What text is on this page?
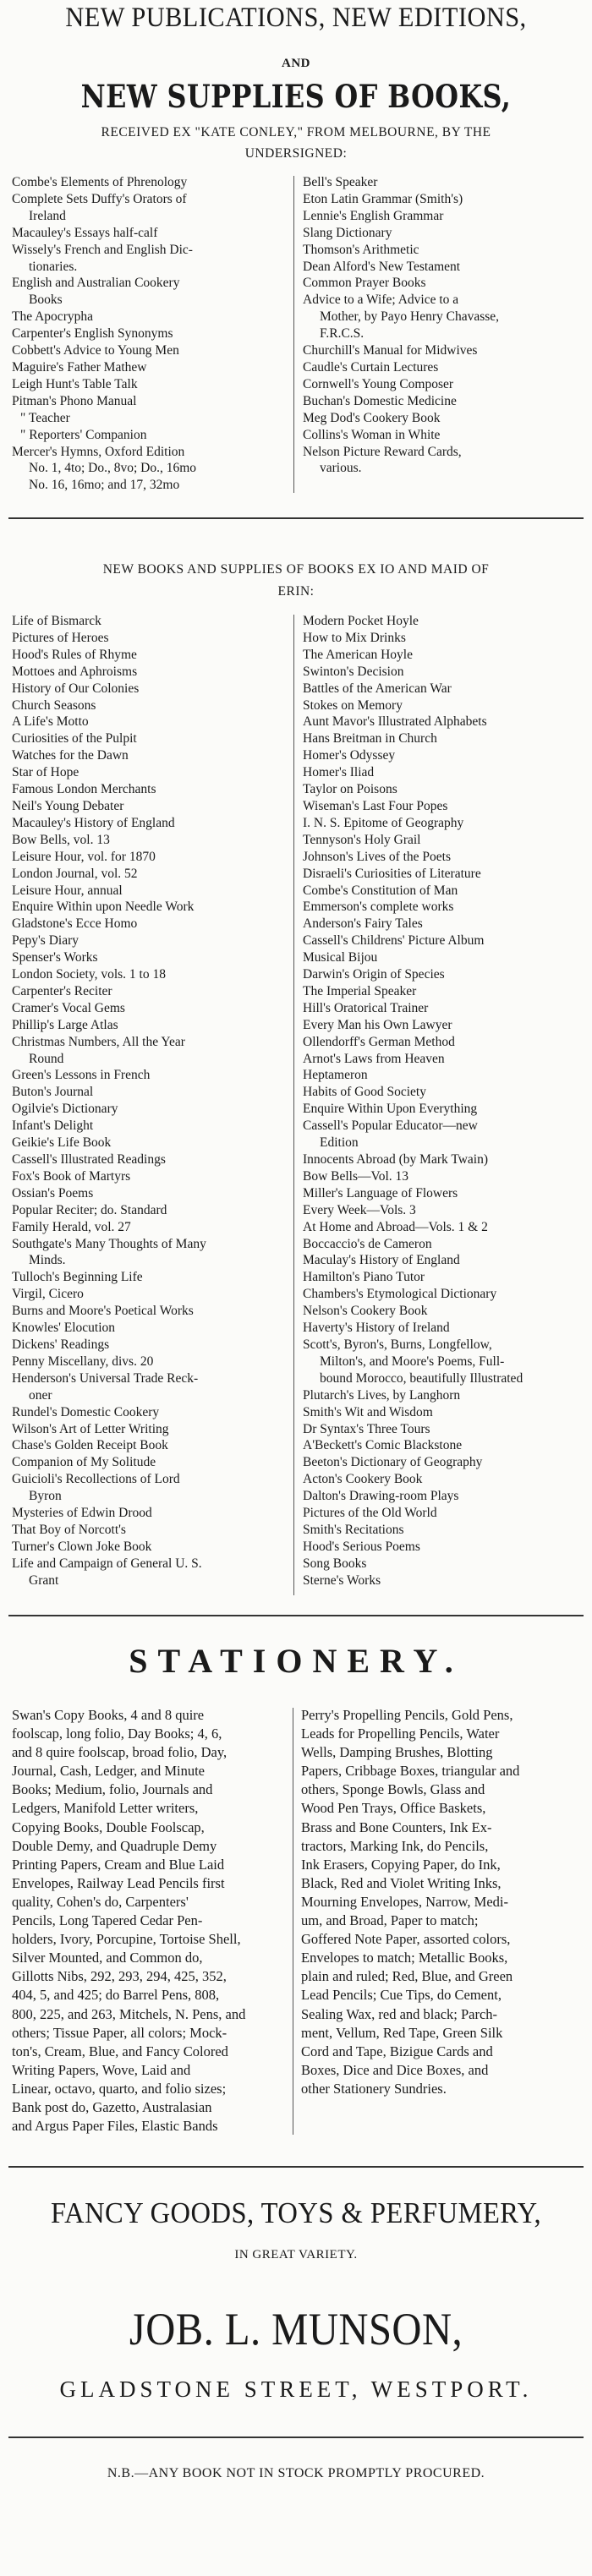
NEW PUBLICATIONS, NEW EDITIONS,
AND
NEW SUPPLIES OF BOOKS,
RECEIVED EX "KATE CONLEY," FROM MELBOURNE, BY THE
UNDERSIGNED:
Combe's Elements of Phrenology
Complete Sets Duffy's Orators of
Ireland
Macauley's Essays half-calf
Wissely's French and English Dic-
tionaries.
English and Australian Cookery
Books
The Apocrypha
Carpenter's English Synonyms
Cobbett's Advice to Young Men
Maguire's Father Mathew
Leigh Hunt's Table Talk
Pitman's Phono Manual
" Teacher
" Reporters' Companion
Mercer's Hymns, Oxford Edition
No. 1, 4to; Do., 8vo; Do., 16mo
No. 16, 16mo; and 17, 32mo
Bell's Speaker
Eton Latin Grammar (Smith's)
Lennie's English Grammar
Slang Dictionary
Thomson's Arithmetic
Dean Alford's New Testament
Common Prayer Books
Advice to a Wife; Advice to a
Mother, by Payo Henry Chavasse,
F.R.C.S.
Churchill's Manual for Midwives
Caudle's Curtain Lectures
Cornwell's Young Composer
Buchan's Domestic Medicine
Meg Dod's Cookery Book
Collins's Woman in White
Nelson Picture Reward Cards,
various.
NEW BOOKS AND SUPPLIES OF BOOKS EX IO AND MAID OF
ERIN:
Life of Bismarck
Pictures of Heroes
Hood's Rules of Rhyme
Mottoes and Aphroisms
History of Our Colonies
Church Seasons
A Life's Motto
Curiosities of the Pulpit
Watches for the Dawn
Star of Hope
Famous London Merchants
Neil's Young Debater
Macauley's History of England
Bow Bells, vol. 13
Leisure Hour, vol. for 1870
London Journal, vol. 52
Leisure Hour, annual
Enquire Within upon Needle Work
Gladstone's Ecce Homo
Pepy's Diary
Spenser's Works
London Society, vols. 1 to 18
Carpenter's Reciter
Cramer's Vocal Gems
Phillip's Large Atlas
Christmas Numbers, All the Year
Round
Green's Lessons in French
Buton's Journal
Ogilvie's Dictionary
Infant's Delight
Geikie's Life Book
Cassell's Illustrated Readings
Fox's Book of Martyrs
Ossian's Poems
Popular Reciter; do. Standard
Family Herald, vol. 27
Southgate's Many Thoughts of Many
Minds.
Tulloch's Beginning Life
Virgil, Cicero
Burns and Moore's Poetical Works
Knowles' Elocution
Dickens' Readings
Penny Miscellany, divs. 20
Henderson's Universal Trade Reck-
oner
Rundel's Domestic Cookery
Wilson's Art of Letter Writing
Chase's Golden Receipt Book
Companion of My Solitude
Guicioli's Recollections of Lord
Byron
Mysteries of Edwin Drood
That Boy of Norcott's
Turner's Clown Joke Book
Life and Campaign of General U. S.
Grant
Modern Pocket Hoyle
How to Mix Drinks
The American Hoyle
Swinton's Decision
Battles of the American War
Stokes on Memory
Aunt Mavor's Illustrated Alphabets
Hans Breitman in Church
Homer's Odyssey
Homer's Iliad
Taylor on Poisons
Wiseman's Last Four Popes
I. N. S. Epitome of Geography
Tennyson's Holy Grail
Johnson's Lives of the Poets
Disraeli's Curiosities of Literature
Combe's Constitution of Man
Emmerson's complete works
Anderson's Fairy Tales
Cassell's Childrens' Picture Album
Musical Bijou
Darwin's Origin of Species
The Imperial Speaker
Hill's Oratorical Trainer
Every Man his Own Lawyer
Ollendorff's German Method
Arnot's Laws from Heaven
Heptameron
Habits of Good Society
Enquire Within Upon Everything
Cassell's Popular Educator—new
Edition
Innocents Abroad (by Mark Twain)
Bow Bells—Vol. 13
Miller's Language of Flowers
Every Week—Vols. 3
At Home and Abroad—Vols. 1 & 2
Boccaccio's de Cameron
Maculay's History of England
Hamilton's Piano Tutor
Chambers's Etymological Dictionary
Nelson's Cookery Book
Haverty's History of Ireland
Scott's, Byron's, Burns, Longfellow,
Milton's, and Moore's Poems, Full-
bound Morocco, beautifully Illustrated
Plutarch's Lives, by Langhorn
Smith's Wit and Wisdom
Dr Syntax's Three Tours
A'Beckett's Comic Blackstone
Beeton's Dictionary of Geography
Acton's Cookery Book
Dalton's Drawing-room Plays
Pictures of the Old World
Smith's Recitations
Hood's Serious Poems
Song Books
Sterne's Works
STATIONERY.
Swan's Copy Books, 4 and 8 quire
foolscap, long folio, Day Books; 4, 6,
and 8 quire foolscap, broad folio, Day,
Journal, Cash, Ledger, and Minute
Books; Medium, folio, Journals and
Ledgers, Manifold Letter writers,
Copying Books, Double Foolscap,
Double Demy, and Quadruple Demy
Printing Papers, Cream and Blue Laid
Envelopes, Railway Lead Pencils first
quality, Cohen's do, Carpenters'
Pencils, Long Tapered Cedar Pen-
holders, Ivory, Porcupine, Tortoise Shell,
Silver Mounted, and Common do,
Gillotts Nibs, 292, 293, 294, 425, 352,
404, 5, and 425; do Barrel Pens, 808,
800, 225, and 263, Mitchels, N. Pens, and
others; Tissue Paper, all colors; Mock-
ton's, Cream, Blue, and Fancy Colored
Writing Papers, Wove, Laid and
Linear, octavo, quarto, and folio sizes;
Bank post do, Gazetto, Australasian
and Argus Paper Files, Elastic Bands
Perry's Propelling Pencils, Gold Pens,
Leads for Propelling Pencils, Water
Wells, Damping Brushes, Blotting
Papers, Cribbage Boxes, triangular and
others, Sponge Bowls, Glass and
Wood Pen Trays, Office Baskets,
Brass and Bone Counters, Ink Ex-
tractors, Marking Ink, do Pencils,
Ink Erasers, Copying Paper, do Ink,
Black, Red and Violet Writing Inks,
Mourning Envelopes, Narrow, Medi-
um, and Broad, Paper to match;
Goffered Note Paper, assorted colors,
Envelopes to match; Metallic Books,
plain and ruled; Red, Blue, and Green
Lead Pencils; Cue Tips, do Cement,
Sealing Wax, red and black; Parch-
ment, Vellum, Red Tape, Green Silk
Cord and Tape, Bizigue Cards and
Boxes, Dice and Dice Boxes, and
other Stationery Sundries.
FANCY GOODS, TOYS & PERFUMERY,
IN GREAT VARIETY.
JOB. L. MUNSON,
GLADSTONE STREET, WESTPORT.
N.B.—ANY BOOK NOT IN STOCK PROMPTLY PROCURED.
